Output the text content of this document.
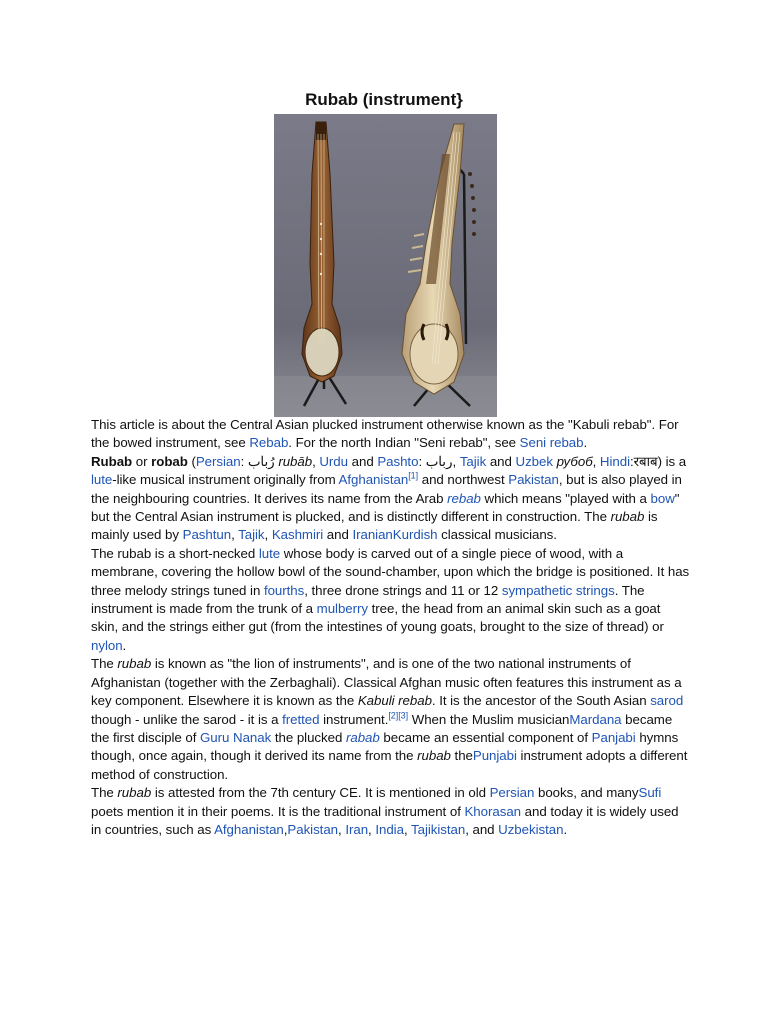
Rubab (instrument}

This article is about the Central Asian plucked instrument otherwise known as the "Kabuli rebab". For the bowed instrument, see Rebab. For the north Indian "Seni rebab", see Seni rebab.

Rubab or robab (Persian: رُباب rubāb, Urdu and Pashto: رباب, Tajik and Uzbek рубоб, Hindi:रबाब) is a lute-like musical instrument originally from Afghanistan[1] and northwest Pakistan, but is also played in the neighbouring countries. It derives its name from the Arab rebab which means "played with a bow" but the Central Asian instrument is plucked, and is distinctly different in construction. The rubab is mainly used by Pashtun, Tajik, Kashmiri and IranianKurdish classical musicians.

The rubab is a short-necked lute whose body is carved out of a single piece of wood, with a membrane, covering the hollow bowl of the sound-chamber, upon which the bridge is positioned. It has three melody strings tuned in fourths, three drone strings and 11 or 12 sympathetic strings. The instrument is made from the trunk of a mulberry tree, the head from an animal skin such as a goat skin, and the strings either gut (from the intestines of young goats, brought to the size of thread) or nylon.

The rubab is known as "the lion of instruments", and is one of the two national instruments of Afghanistan (together with the Zerbaghali). Classical Afghan music often features this instrument as a key component. Elsewhere it is known as the Kabuli rebab. It is the ancestor of the South Asian sarod though - unlike the sarod - it is a fretted instrument.[2][3] When the Muslim musicianMardana became the first disciple of Guru Nanak the plucked rabab became an essential component of Panjabi hymns though, once again, though it derived its name from the rubab thePunjabi instrument adopts a different method of construction.

The rubab is attested from the 7th century CE. It is mentioned in old Persian books, and manySufi poets mention it in their poems. It is the traditional instrument of Khorasan and today it is widely used in countries, such as Afghanistan,Pakistan, Iran, India, Tajikistan, and Uzbekistan.
